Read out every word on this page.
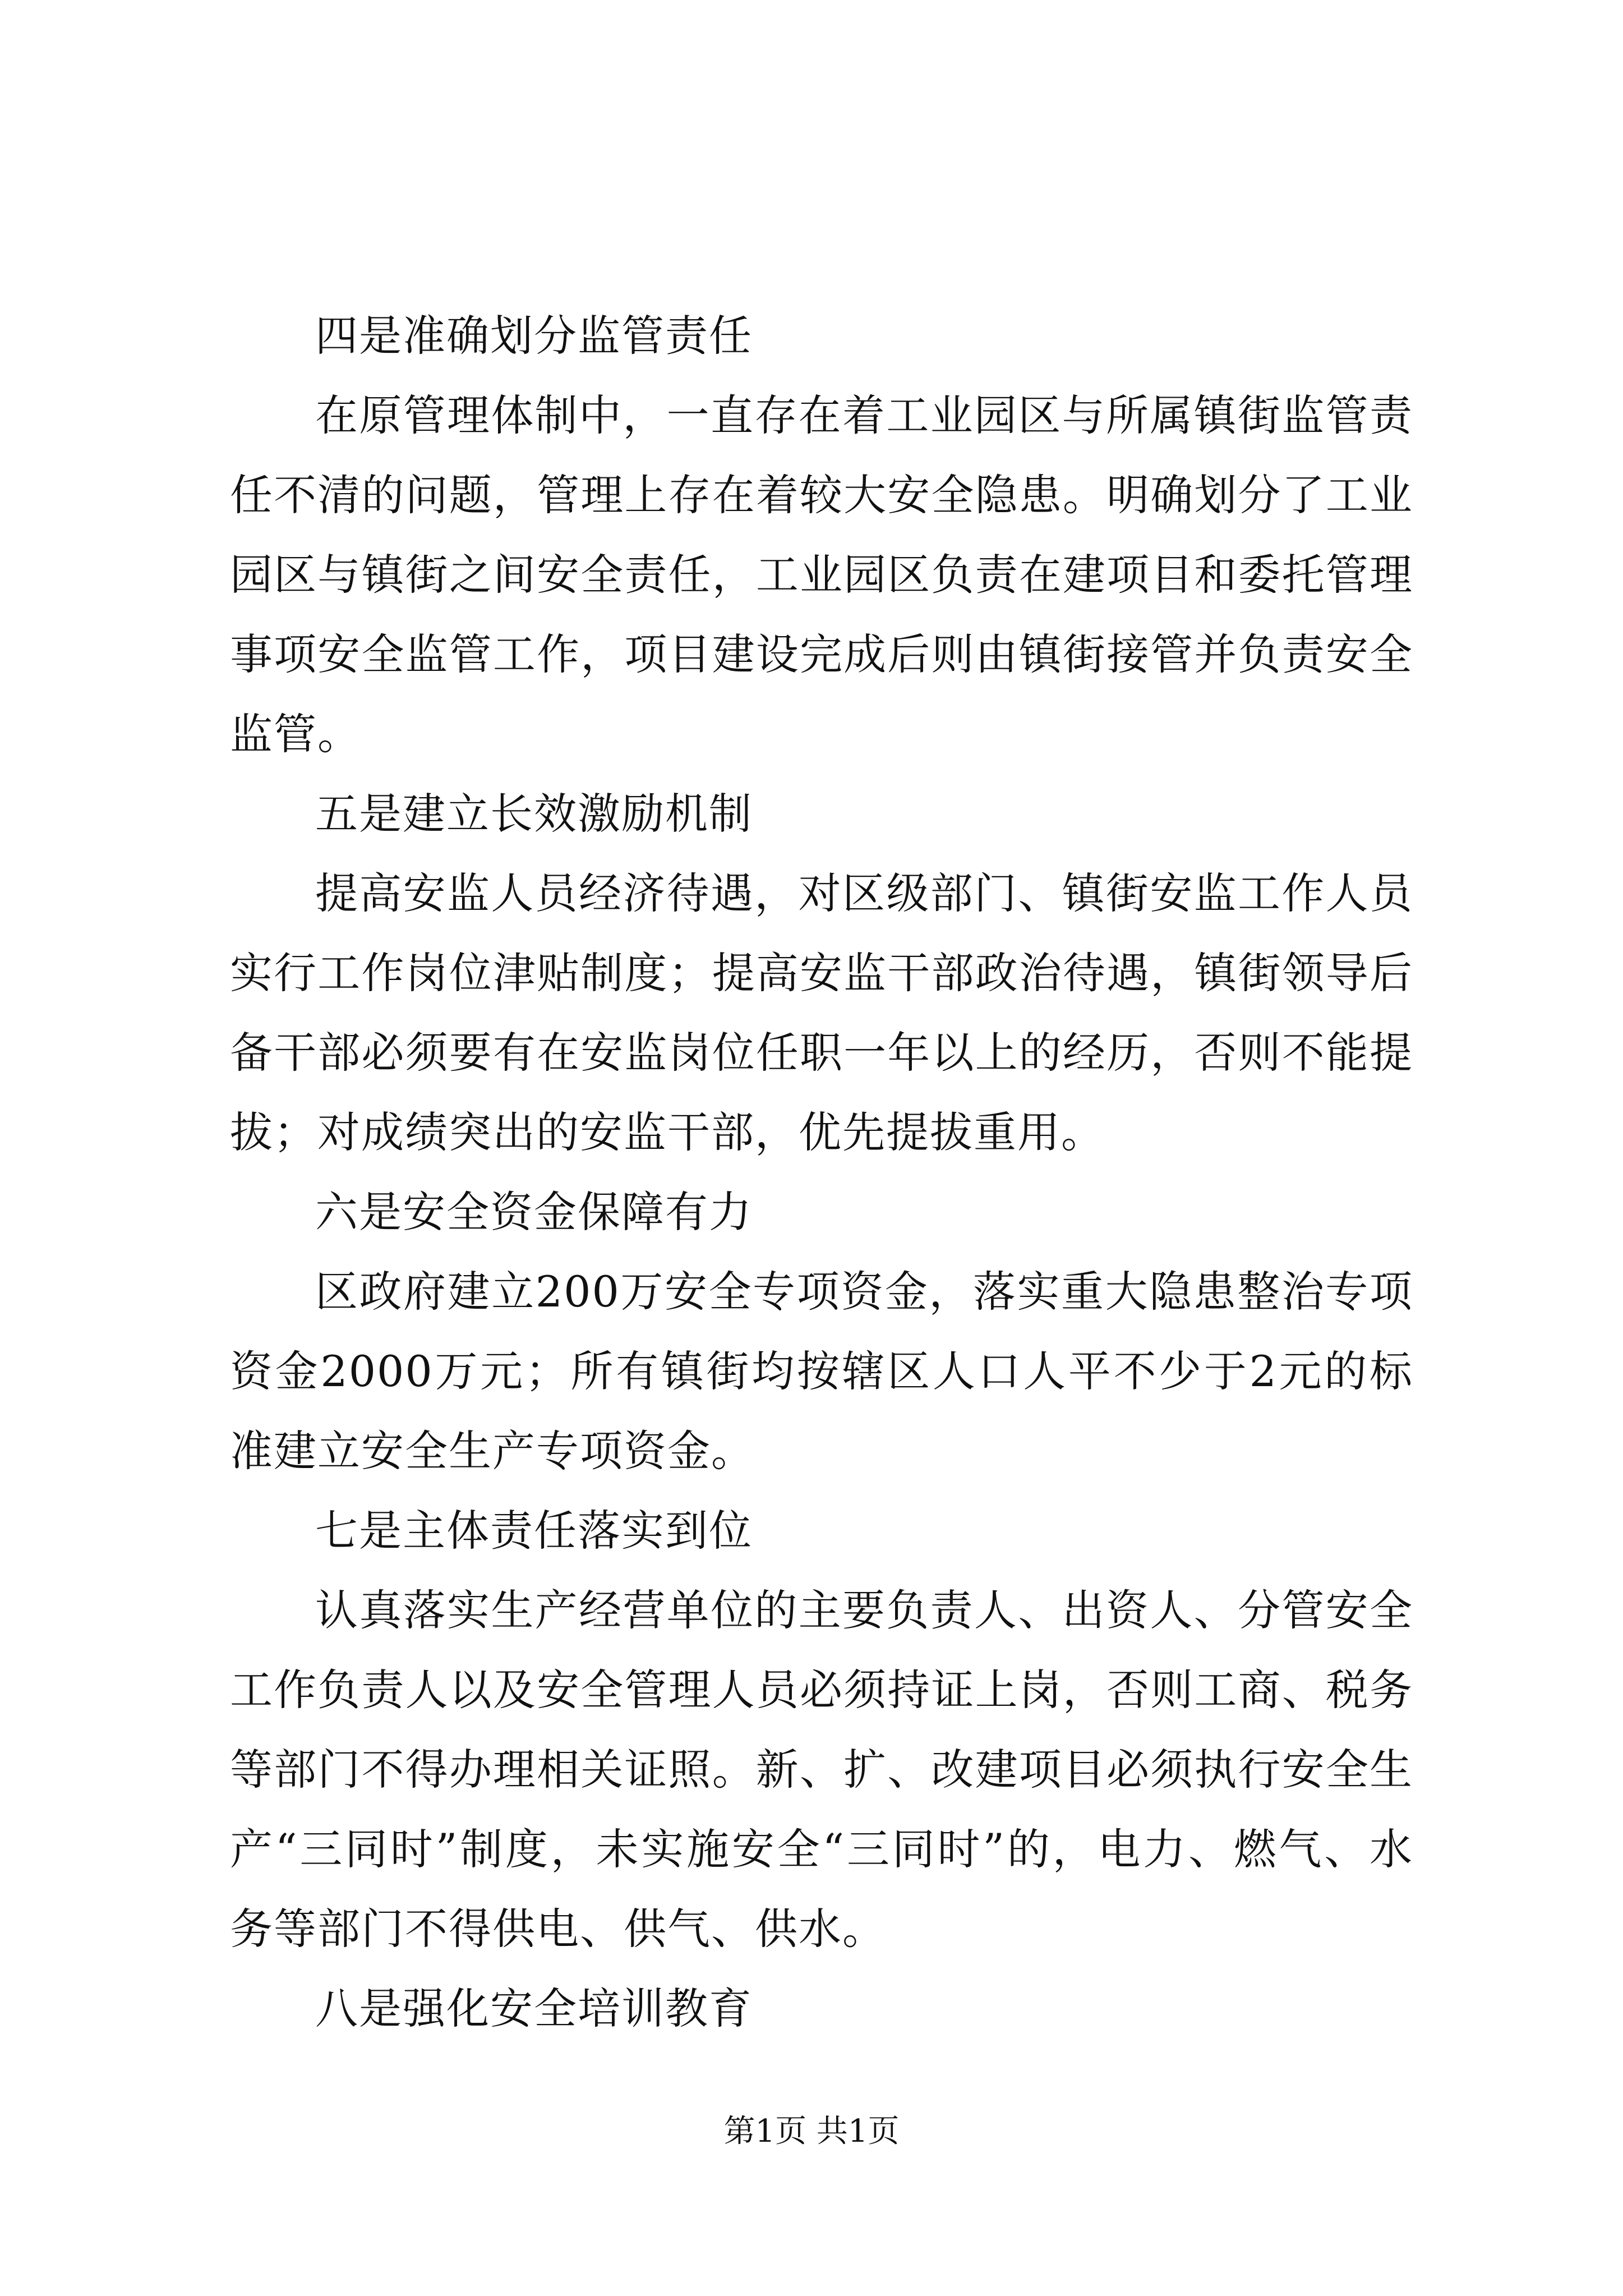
四是准确划分监管责任

在原管理体制中，一直存在着工业园区与所属镇街监管责任不清的问题，管理上存在着较大安全隐患。明确划分了工业园区与镇街之间安全责任，工业园区负责在建项目和委托管理事项安全监管工作，项目建设完成后则由镇街接管并负责安全监管。

五是建立长效激励机制

提高安监人员经济待遇，对区级部门、镇街安监工作人员实行工作岗位津贴制度；提高安监干部政治待遇，镇街领导后备干部必须要有在安监岗位任职一年以上的经历，否则不能提拔；对成绩突出的安监干部，优先提拔重用。

六是安全资金保障有力

区政府建立200万安全专项资金，落实重大隐患整治专项资金2000万元；所有镇街均按辖区人口人平不少于2元的标准建立安全生产专项资金。

七是主体责任落实到位

认真落实生产经营单位的主要负责人、出资人、分管安全工作负责人以及安全管理人员必须持证上岗，否则工商、税务等部门不得办理相关证照。新、扩、改建项目必须执行安全生产“三同时”制度，未实施安全“三同时”的，电力、燃气、水务等部门不得供电、供气、供水。

八是强化安全培训教育

第1页 共1页
